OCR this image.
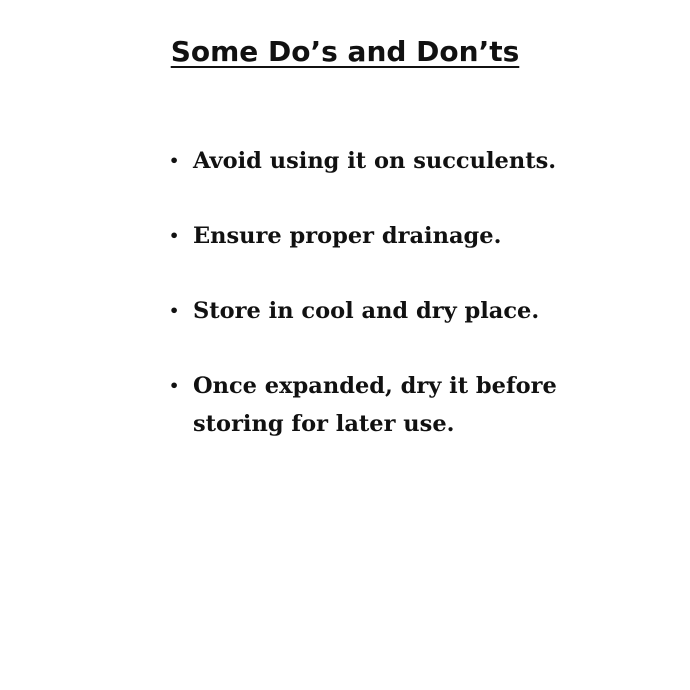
Some Do’s and Don’ts
• Avoid using it on succulents.
• Ensure proper drainage.
• Store in cool and dry place.
• Once expanded, dry it before storing for later use.
